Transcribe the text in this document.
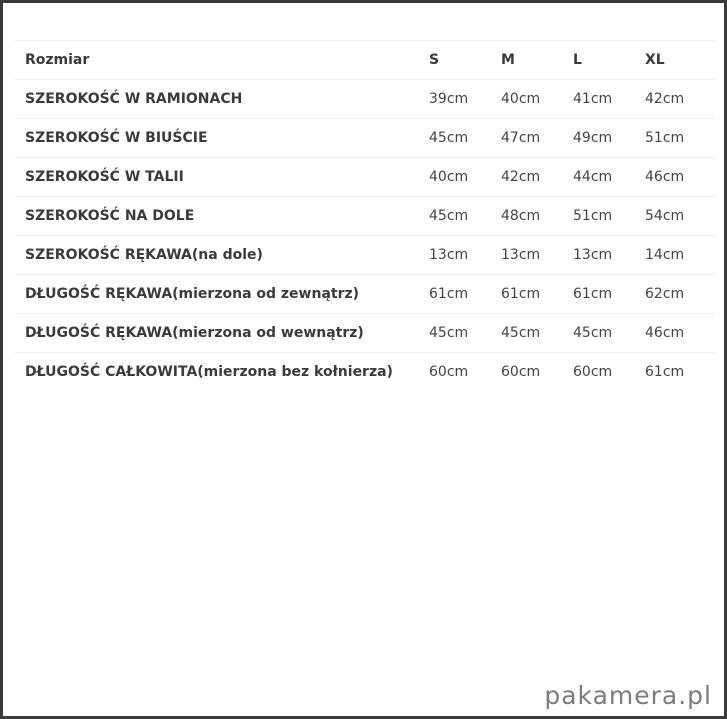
Rozmiar	S	M	L	XL
SZEROKOŚĆ W RAMIONACH	39cm	40cm	41cm	42cm
SZEROKOŚĆ W BIUŚCIE	45cm	47cm	49cm	51cm
SZEROKOŚĆ W TALII	40cm	42cm	44cm	46cm
SZEROKOŚĆ NA DOLE	45cm	48cm	51cm	54cm
SZEROKOŚĆ RĘKAWA(na dole)	13cm	13cm	13cm	14cm
DŁUGOŚĆ RĘKAWA(mierzona od zewnątrz)	61cm	61cm	61cm	62cm
DŁUGOŚĆ RĘKAWA(mierzona od wewnątrz)	45cm	45cm	45cm	46cm
DŁUGOŚĆ CAŁKOWITA(mierzona bez kołnierza)	60cm	60cm	60cm	61cm
pakamera.pl
